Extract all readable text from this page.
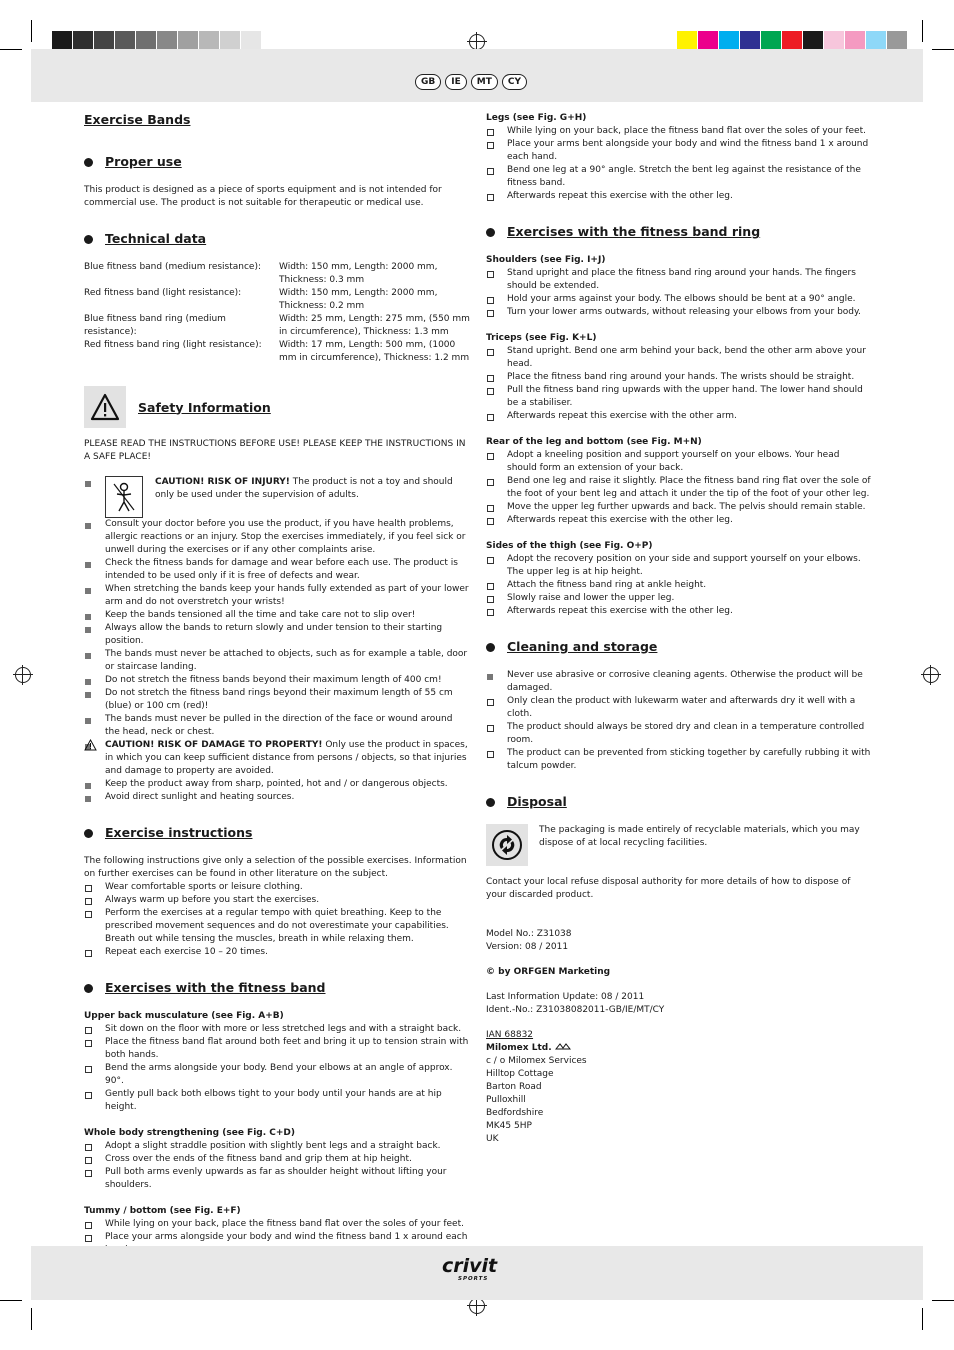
GB	IE	MT	CY
Exercise Bands
Proper use

This product is designed as a piece of sports equipment and is not intended for commercial use. The product is not suitable for therapeutic or medical use.

Technical data
Blue fitness band (medium resistance):	Width: 150 mm, Length: 2000 mm, Thickness: 0.3 mm
Red fitness band (light resistance):	Width: 150 mm, Length: 2000 mm, Thickness: 0.2 mm
Blue fitness band ring (medium resistance):
Width: 25 mm, Length: 275 mm, (550 mm in circumference), Thickness: 1.3 mm
Red fitness band ring (light resistance):	Width: 17 mm, Length: 500 mm, (1000 mm in circumference), Thickness: 1.2 mm
Safety Information

PLEASE READ THE INSTRUCTIONS BEFORE USE! PLEASE KEEP THE INSTRUCTIONS IN A SAFE PLACE!

CAUTION! RISK OF INJURY! The product is not a toy and should only be used under the supervision of adults.

Consult your doctor before you use the product, if you have health problems, allergic reactions or an injury. Stop the exercises immediately, if you feel sick or unwell during the exercises or if any other complaints arise.
Check the fitness bands for damage and wear before each use. The product is intended to be used only if it is free of defects and wear.
When stretching the bands keep your hands fully extended as part of your lower arm and do not overstretch your wrists!
Keep the bands tensioned all the time and take care not to slip over!
Always allow the bands to return slowly and under tension to their starting position.
The bands must never be attached to objects, such as for example a table, door or staircase landing.
Do not stretch the fitness bands beyond their maximum length of 400 cm!
Do not stretch the fitness band rings beyond their maximum length of 55 cm (blue) or 100 cm (red)!
The bands must never be pulled in the direction of the face or wound around the head, neck or chest.

CAUTION! RISK OF DAMAGE TO PROPERTY! Only use the product in spaces, in which you can keep sufficient distance from persons / objects, so that injuries and damage to property are avoided.

Keep the product away from sharp, pointed, hot and / or dangerous objects.
Avoid direct sunlight and heating sources.
Exercise instructions

The following instructions give only a selection of the possible exercises. Information on further exercises can be found in other literature on the subject.

Wear comfortable sports or leisure clothing.
Always warm up before you start the exercises.
Perform the exercises at a regular tempo with quiet breathing. Keep to the prescribed movement sequences and do not overestimate your capabilities. Breath out while tensing the muscles, breath in while relaxing them.
Repeat each exercise 10 – 20 times.
Exercises with the fitness band
Upper back musculature (see Fig. A+B)
Sit down on the floor with more or less stretched legs and with a straight back.
Place the fitness band flat around both feet and bring it up to tension strain with both hands.
Bend the arms alongside your body. Bend your elbows at an angle of approx. 90°.
Gently pull back both elbows tight to your body until your hands are at hip height.
Whole body strengthening (see Fig. C+D)
Adopt a slight straddle position with slightly bent legs and a straight back.
Cross over the ends of the fitness band and grip them at hip height.
Pull both arms evenly upwards as far as shoulder height without lifting your shoulders.
Tummy / bottom (see Fig. E+F)
While lying on your back, place the fitness band flat over the soles of your feet.
Place your arms alongside your body and wind the fitness band 1 x around each
Legs (see Fig. G+H)
While lying on your back, place the fitness band flat over the soles of your feet.
Place your arms bent alongside your body and wind the fitness band 1 x around each hand.
Bend one leg at a 90° angle. Stretch the bent leg against the resistance of the fitness band.
Afterwards repeat this exercise with the other leg.
Exercises with the fitness band ring
Shoulders (see Fig. I+J)
Stand upright and place the fitness band ring around your hands. The fingers should be extended.
Hold your arms against your body. The elbows should be bent at a 90° angle.
Turn your lower arms outwards, without releasing your elbows from your body.
Triceps (see Fig. K+L)
Stand upright. Bend one arm behind your back, bend the other arm above your head.
Place the fitness band ring around your hands. The wrists should be straight.
Pull the fitness band ring upwards with the upper hand. The lower hand should be a stabiliser.
Afterwards repeat this exercise with the other arm.
Rear of the leg and bottom (see Fig. M+N)
Adopt a kneeling position and support yourself on your elbows. Your head should form an extension of your back.
Bend one leg and raise it slightly. Place the fitness band ring flat over the sole of the foot of your bent leg and attach it under the tip of the foot of your other leg.
Move the upper leg further upwards and back. The pelvis should remain stable.
Afterwards repeat this exercise with the other leg.
Sides of the thigh (see Fig. O+P)
Adopt the recovery position on your side and support yourself on your elbows. The upper leg is at hip height.
Attach the fitness band ring at ankle height.
Slowly raise and lower the upper leg.
Afterwards repeat this exercise with the other leg.
Cleaning and storage
Never use abrasive or corrosive cleaning agents. Otherwise the product will be damaged.
Only clean the product with lukewarm water and afterwards dry it well with a cloth.
The product should always be stored dry and clean in a temperature controlled room.
The product can be prevented from sticking together by carefully rubbing it with talcum powder.
Disposal

The packaging is made entirely of recyclable materials, which you may dispose of at local recycling facilities.

Contact your local refuse disposal authority for more details of how to dispose of your discarded product.

Model No.: Z31038

Version: 08 / 2011

© by ORFGEN Marketing

Last Information Update: 08 / 2011

Ident.-No.: Z31038082011-GB/IE/MT/CY

IAN 68832

Milomex Ltd.

c / o Milomex Services

Hilltop Cottage

Barton Road

Pulloxhill

Bedfordshire

MK45 5HP

UK

crivit
SPORTS
